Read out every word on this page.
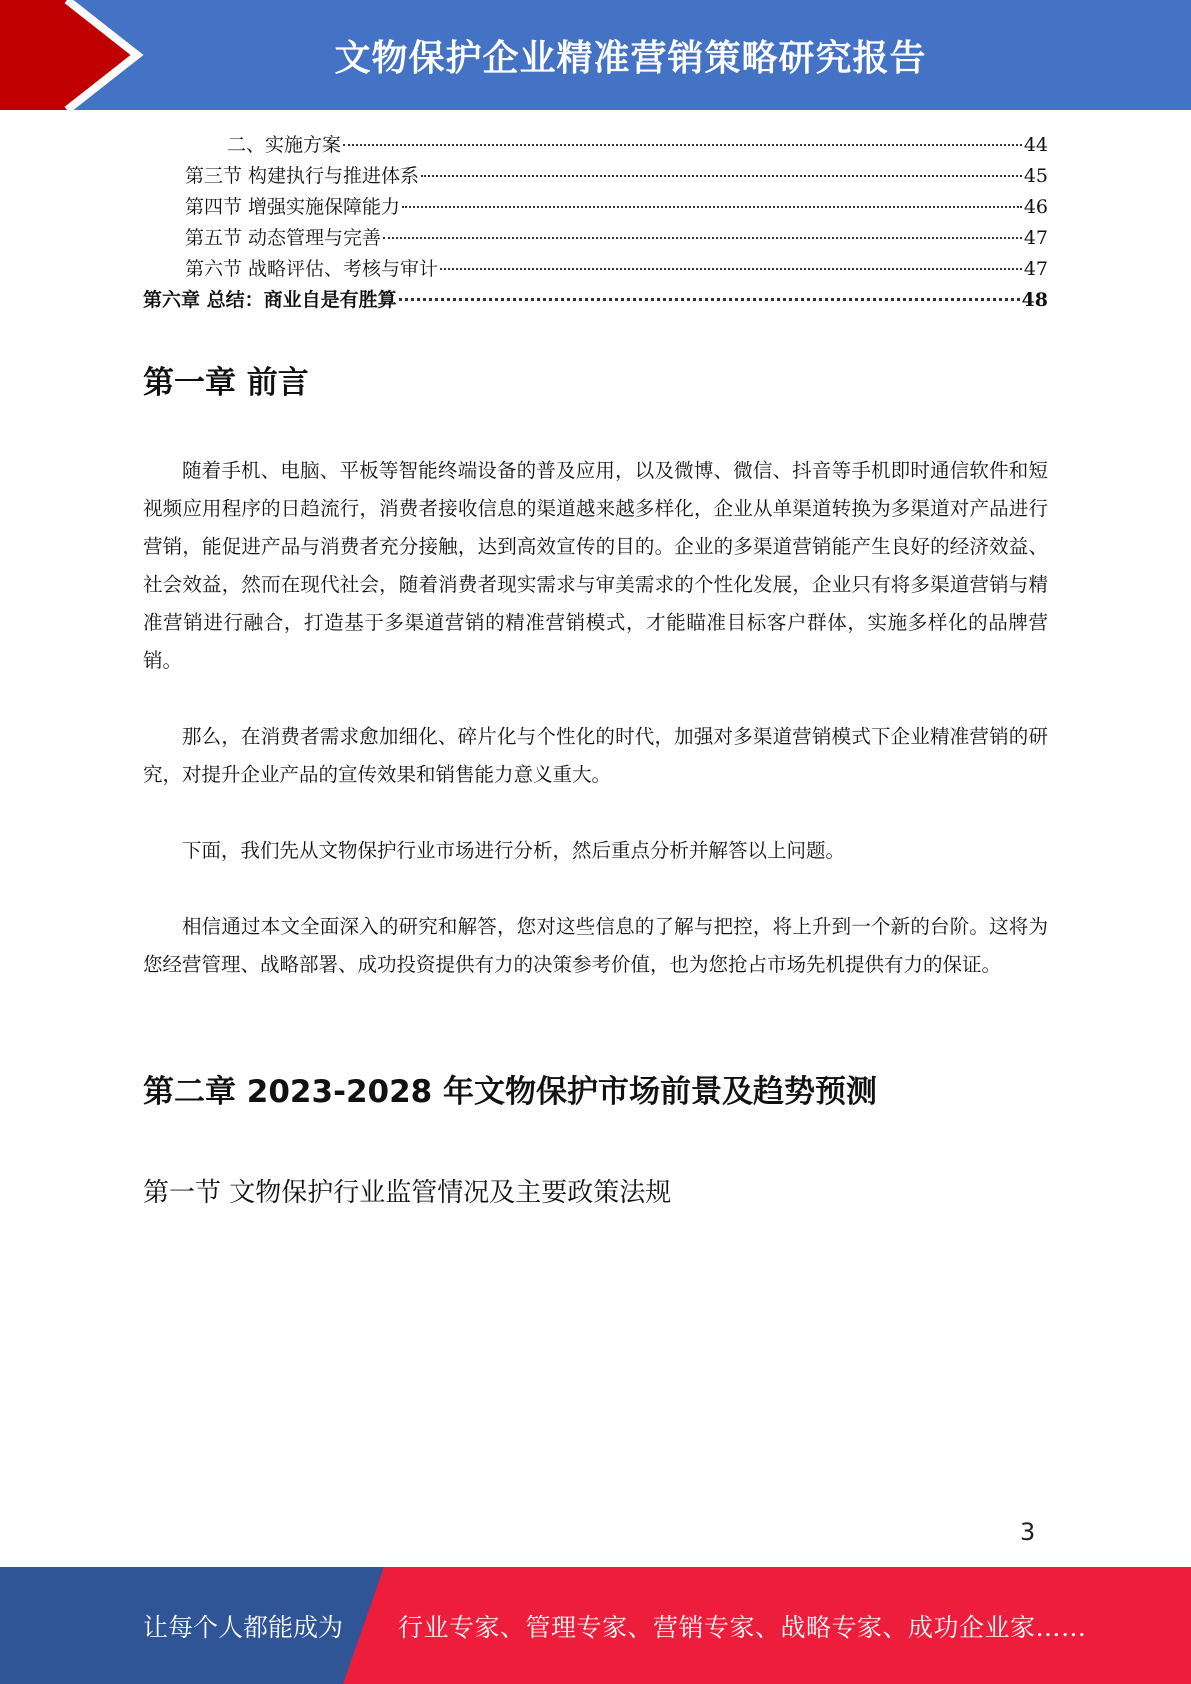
文物保护企业精准营销策略研究报告
二、实施方案	44
第三节 构建执行与推进体系	45
第四节 增强实施保障能力	46
第五节 动态管理与完善	47
第六节 战略评估、考核与审计	47
第六章 总结：商业自是有胜算	48
第一章 前言
随着手机、电脑、平板等智能终端设备的普及应用，以及微博、微信、抖音等手机即时通信软件和短视频应用程序的日趋流行，消费者接收信息的渠道越来越多样化，企业从单渠道转换为多渠道对产品进行营销，能促进产品与消费者充分接触，达到高效宣传的目的。企业的多渠道营销能产生良好的经济效益、社会效益，然而在现代社会，随着消费者现实需求与审美需求的个性化发展，企业只有将多渠道营销与精准营销进行融合，打造基于多渠道营销的精准营销模式，才能瞄准目标客户群体，实施多样化的品牌营销。
那么，在消费者需求愈加细化、碎片化与个性化的时代，加强对多渠道营销模式下企业精准营销的研究，对提升企业产品的宣传效果和销售能力意义重大。
下面，我们先从文物保护行业市场进行分析，然后重点分析并解答以上问题。
相信通过本文全面深入的研究和解答，您对这些信息的了解与把控，将上升到一个新的台阶。这将为您经营管理、战略部署、成功投资提供有力的决策参考价值，也为您抢占市场先机提供有力的保证。
第二章 2023-2028 年文物保护市场前景及趋势预测
第一节 文物保护行业监管情况及主要政策法规
3
让每个人都能成为 行业专家、管理专家、营销专家、战略专家、成功企业家……
